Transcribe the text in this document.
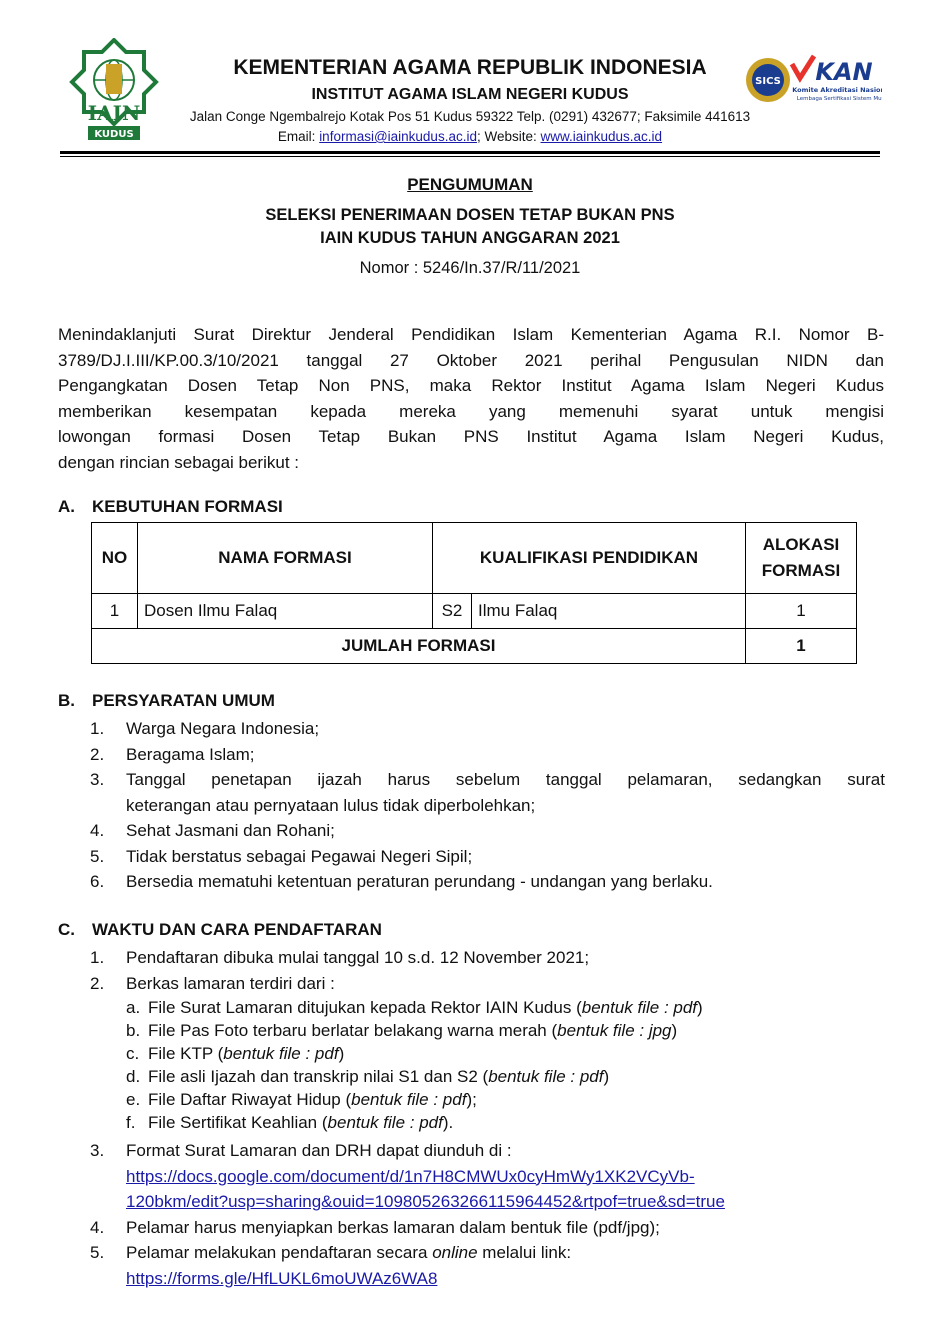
IAIN
KUDUS
SICS KAN
Komite Akreditasi Nasional
Lembaga Sertifikasi Sistem Mutu
KEMENTERIAN AGAMA REPUBLIK INDONESIA
INSTITUT AGAMA ISLAM NEGERI KUDUS
Jalan Conge Ngembalrejo Kotak Pos 51 Kudus 59322 Telp. (0291) 432677; Faksimile 441613
Email: informasi@iainkudus.ac.id; Website: www.iainkudus.ac.id
PENGUMUMAN
SELEKSI PENERIMAAN DOSEN TETAP BUKAN PNS
IAIN KUDUS TAHUN ANGGARAN 2021
Nomor : 5246/In.37/R/11/2021
Menindaklanjuti Surat Direktur Jenderal Pendidikan Islam Kementerian Agama R.I. Nomor B-
3789/DJ.I.III/KP.00.3/10/2021 tanggal 27 Oktober 2021 perihal Pengusulan NIDN dan
Pengangkatan Dosen Tetap Non PNS, maka Rektor Institut Agama Islam Negeri Kudus
memberikan kesempatan kepada mereka yang memenuhi syarat untuk mengisi
lowongan formasi Dosen Tetap Bukan PNS Institut Agama Islam Negeri Kudus,
dengan rincian sebagai berikut :
A. KEBUTUHAN FORMASI
NO	NAMA FORMASI	KUALIFIKASI PENDIDIKAN		ALOKASI
FORMASI

1	Dosen Ilmu Falaq	S2	Ilmu Falaq	1
JUMLAH FORMASI				1
B. PERSYARATAN UMUM
1.	Warga Negara Indonesia;
2.	Beragama Islam;
3.	Tanggal penetapan ijazah harus sebelum tanggal pelamaran, sedangkan surat
keterangan atau pernyataan lulus tidak diperbolehkan;
4.	Sehat Jasmani dan Rohani;
5.	Tidak berstatus sebagai Pegawai Negeri Sipil;
6.	Bersedia mematuhi ketentuan peraturan perundang - undangan yang berlaku.
C. WAKTU DAN CARA PENDAFTARAN
1.	Pendaftaran dibuka mulai tanggal 10 s.d. 12 November 2021;
2.	Berkas lamaran terdiri dari :
a. File Surat Lamaran ditujukan kepada Rektor IAIN Kudus (bentuk file : pdf)
b. File Pas Foto terbaru berlatar belakang warna merah (bentuk file : jpg)
c. File KTP (bentuk file : pdf)
d. File asli Ijazah dan transkrip nilai S1 dan S2 (bentuk file : pdf)
e. File Daftar Riwayat Hidup (bentuk file : pdf);
f. File Sertifikat Keahlian (bentuk file : pdf).
3.	Format Surat Lamaran dan DRH dapat diunduh di :
https://docs.google.com/document/d/1n7H8CMWUx0cyHmWy1XK2VCyVb-
120bkm/edit?usp=sharing&ouid=109805263266115964452&rtpof=true&sd=true
4.	Pelamar harus menyiapkan berkas lamaran dalam bentuk file (pdf/jpg);
5.	Pelamar melakukan pendaftaran secara online melalui link:
https://forms.gle/HfLUKL6moUWAz6WA8
